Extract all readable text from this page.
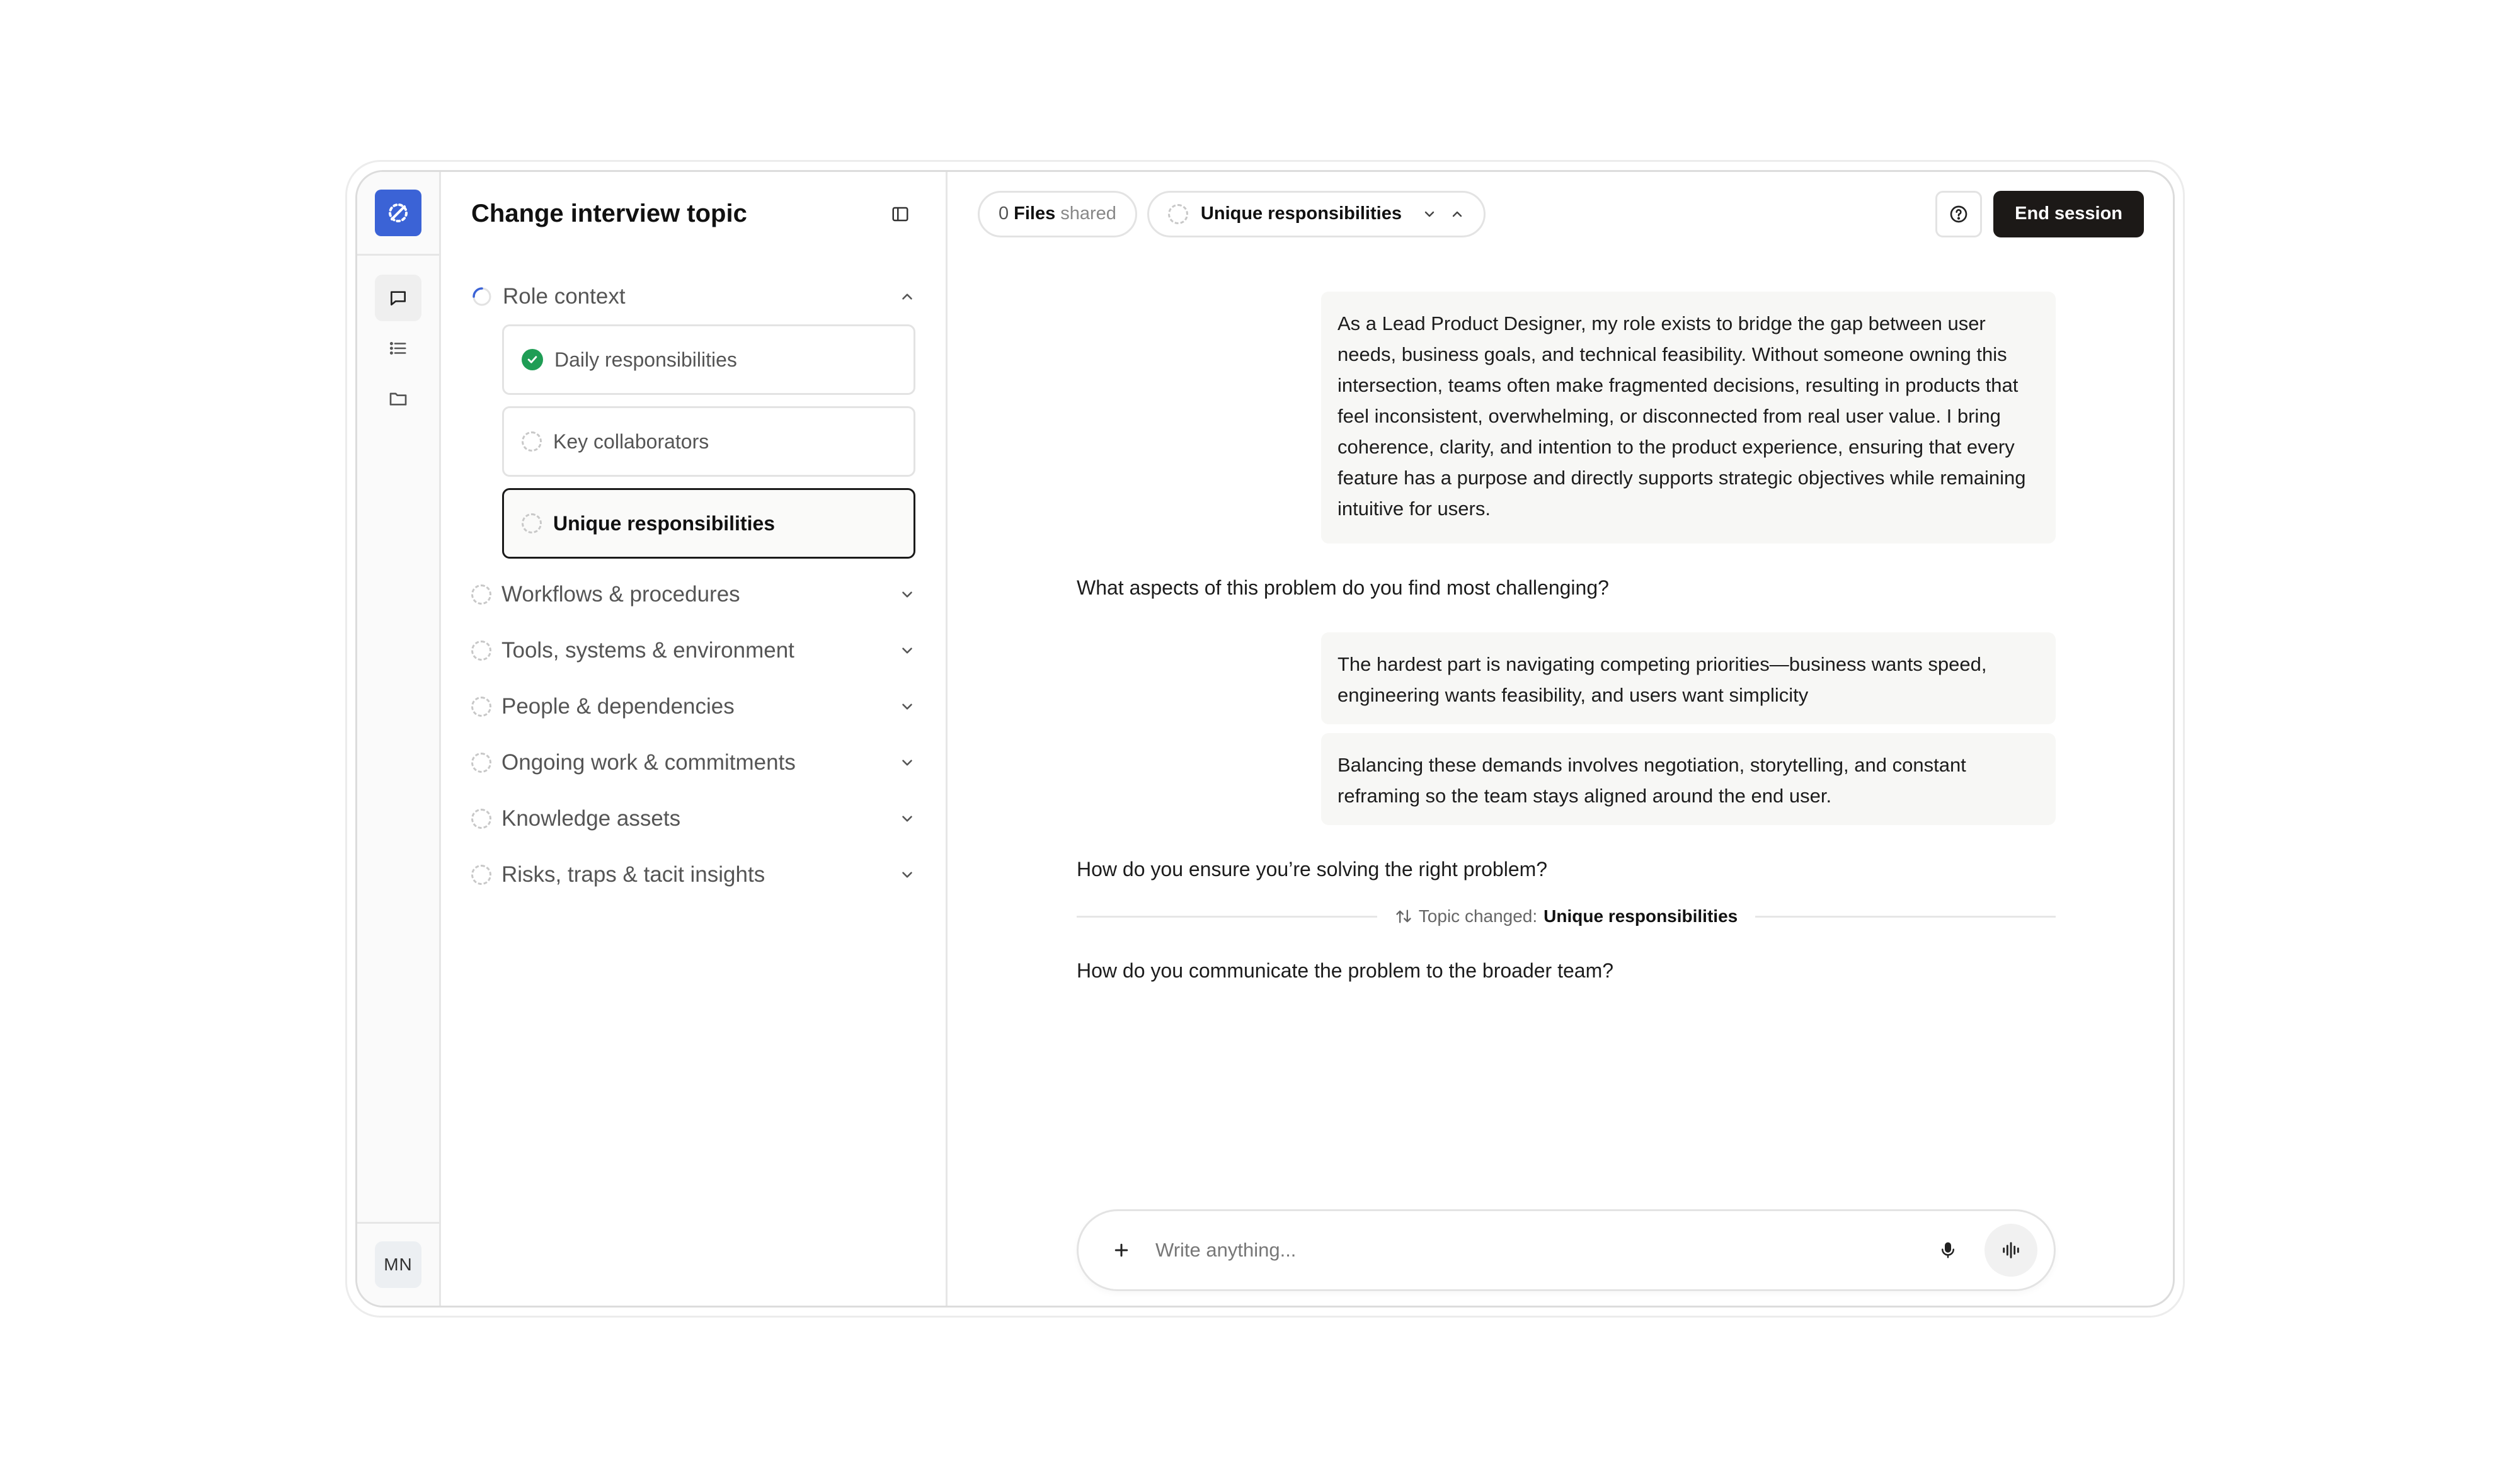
MN
Change interview topic
Role context
Daily responsibilities
Key collaborators
Unique responsibilities
Workflows & procedures
Tools, systems & environment
People & dependencies
Ongoing work & commitments
Knowledge assets
Risks, traps & tacit insights
0 Files shared	Unique responsibilities	End session
As a Lead Product Designer, my role exists to bridge the gap between user needs, business goals, and technical feasibility. Without someone owning this intersection, teams often make fragmented decisions, resulting in products that feel inconsistent, overwhelming, or disconnected from real user value. I bring coherence, clarity, and intention to the product experience, ensuring that every feature has a purpose and directly supports strategic objectives while remaining intuitive for users.
What aspects of this problem do you find most challenging?
The hardest part is navigating competing priorities—business wants speed, engineering wants feasibility, and users want simplicity
Balancing these demands involves negotiation, storytelling, and constant reframing so the team stays aligned around the end user.
How do you ensure you’re solving the right problem?
Topic changed: Unique responsibilities
How do you communicate the problem to the broader team?
Write anything...
